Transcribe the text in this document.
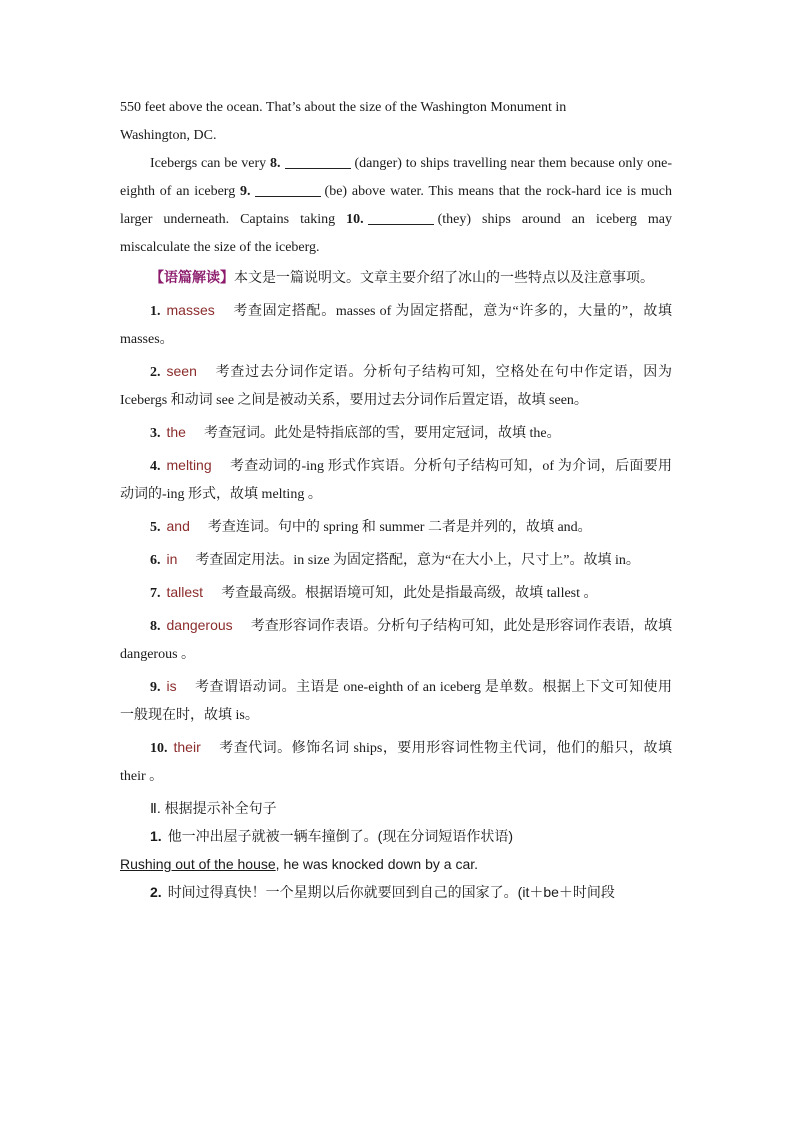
550 feet above the ocean. That’s about the size of the Washington Monument in

Washington, DC.

Icebergs can be very 8.	(danger) to ships travelling near them because only one-eighth of an iceberg 9.	(be) above water. This means that the rock-hard ice is much larger underneath. Captains taking 10.	(they) ships around an iceberg may miscalculate the size of the iceberg.

【语篇解读】本文是一篇说明文。文章主要介绍了冰山的一些特点以及注意事项。

1. masses 考查固定搭配。masses of 为固定搭配，意为“许多的，大量的”，故填 masses。

2. seen 考查过去分词作定语。分析句子结构可知，空格处在句中作定语，因为 Icebergs 和动词 see 之间是被动关系，要用过去分词作后置定语，故填 seen。

3. the 考查冠词。此处是特指底部的雪，要用定冠词，故填 the。

4. melting 考查动词的-ing 形式作宾语。分析句子结构可知，of 为介词，后面要用动词的-ing 形式，故填 melting 。

5. and 考查连词。句中的 spring 和 summer 二者是并列的，故填 and。

6. in 考查固定用法。in size 为固定搭配，意为“在大小上，尺寸上”。故填 in。

7. tallest 考查最高级。根据语境可知，此处是指最高级，故填 tallest 。

8. dangerous 考查形容词作表语。分析句子结构可知，此处是形容词作表语，故填 dangerous 。

9. is 考查谓语动词。主语是 one-eighth of an iceberg 是单数。根据上下文可知使用一般现在时，故填 is。

10. their 考查代词。修饰名词 ships，要用形容词性物主代词，他们的船只，故填 their 。

Ⅱ. 根据提示补全句子
1. 他一冲出屋子就被一辆车撞倒了。(现在分词短语作状语)
Rushing out of the house, he was knocked down by a car.
2. 时间过得真快！一个星期以后你就要回到自己的国家了。(it＋be＋时间段
